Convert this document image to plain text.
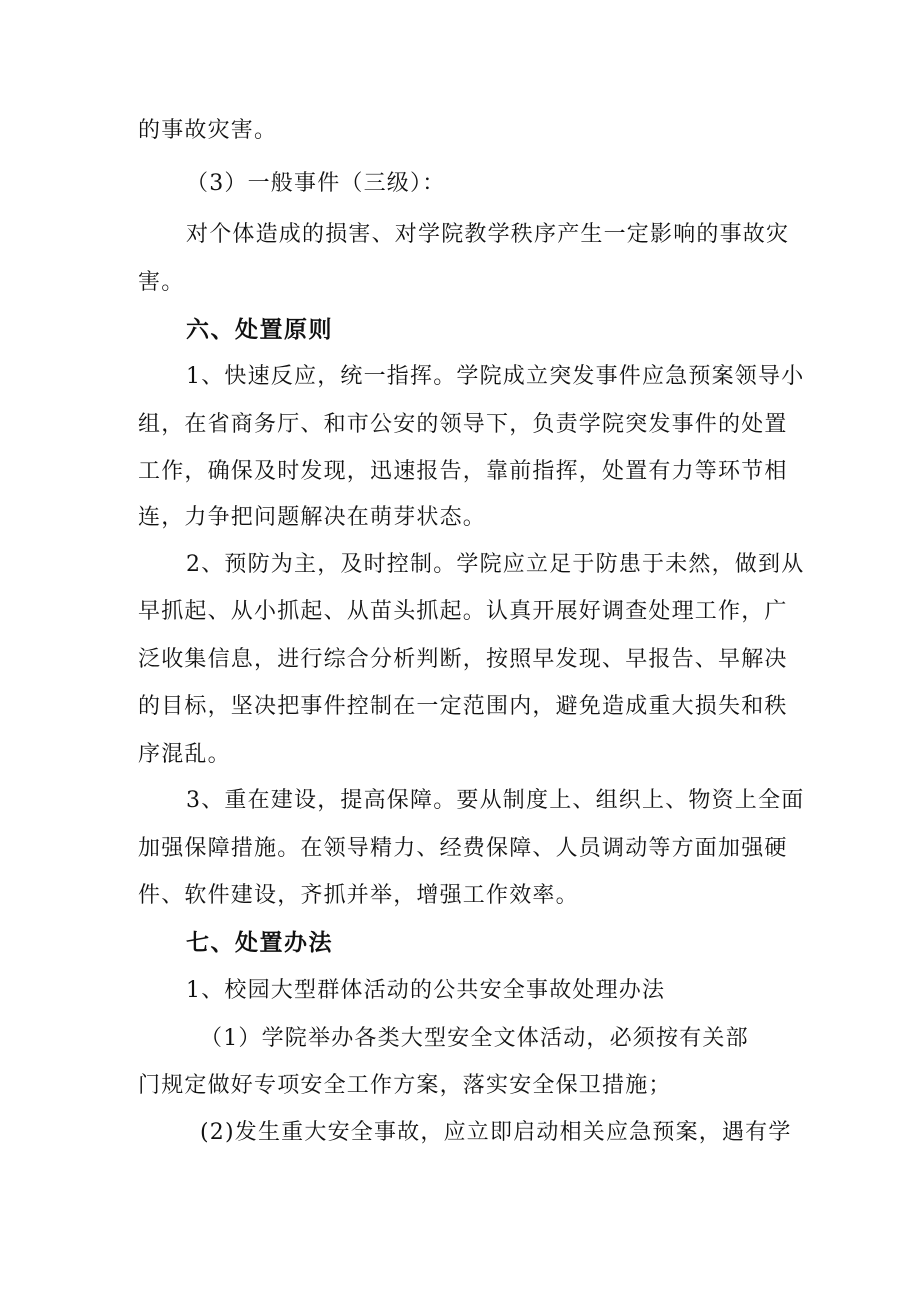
的事故灾害。
（3）一般事件（三级）：
对个体造成的损害、对学院教学秩序产生一定影响的事故灾
害。
六、处置原则
1、快速反应，统一指挥。学院成立突发事件应急预案领导小
组，在省商务厅、和市公安的领导下，负责学院突发事件的处置
工作，确保及时发现，迅速报告，靠前指挥，处置有力等环节相
连，力争把问题解决在萌芽状态。
2、预防为主，及时控制。学院应立足于防患于未然，做到从
早抓起、从小抓起、从苗头抓起。认真开展好调查处理工作，广
泛收集信息，进行综合分析判断，按照早发现、早报告、早解决
的目标，坚决把事件控制在一定范围内，避免造成重大损失和秩
序混乱。
3、重在建设，提高保障。要从制度上、组织上、物资上全面
加强保障措施。在领导精力、经费保障、人员调动等方面加强硬
件、软件建设，齐抓并举，增强工作效率。
七、处置办法
1、校园大型群体活动的公共安全事故处理办法
（1）学院举办各类大型安全文体活动，必须按有关部
门规定做好专项安全工作方案，落实安全保卫措施；
(2)发生重大安全事故，应立即启动相关应急预案，遇有学
